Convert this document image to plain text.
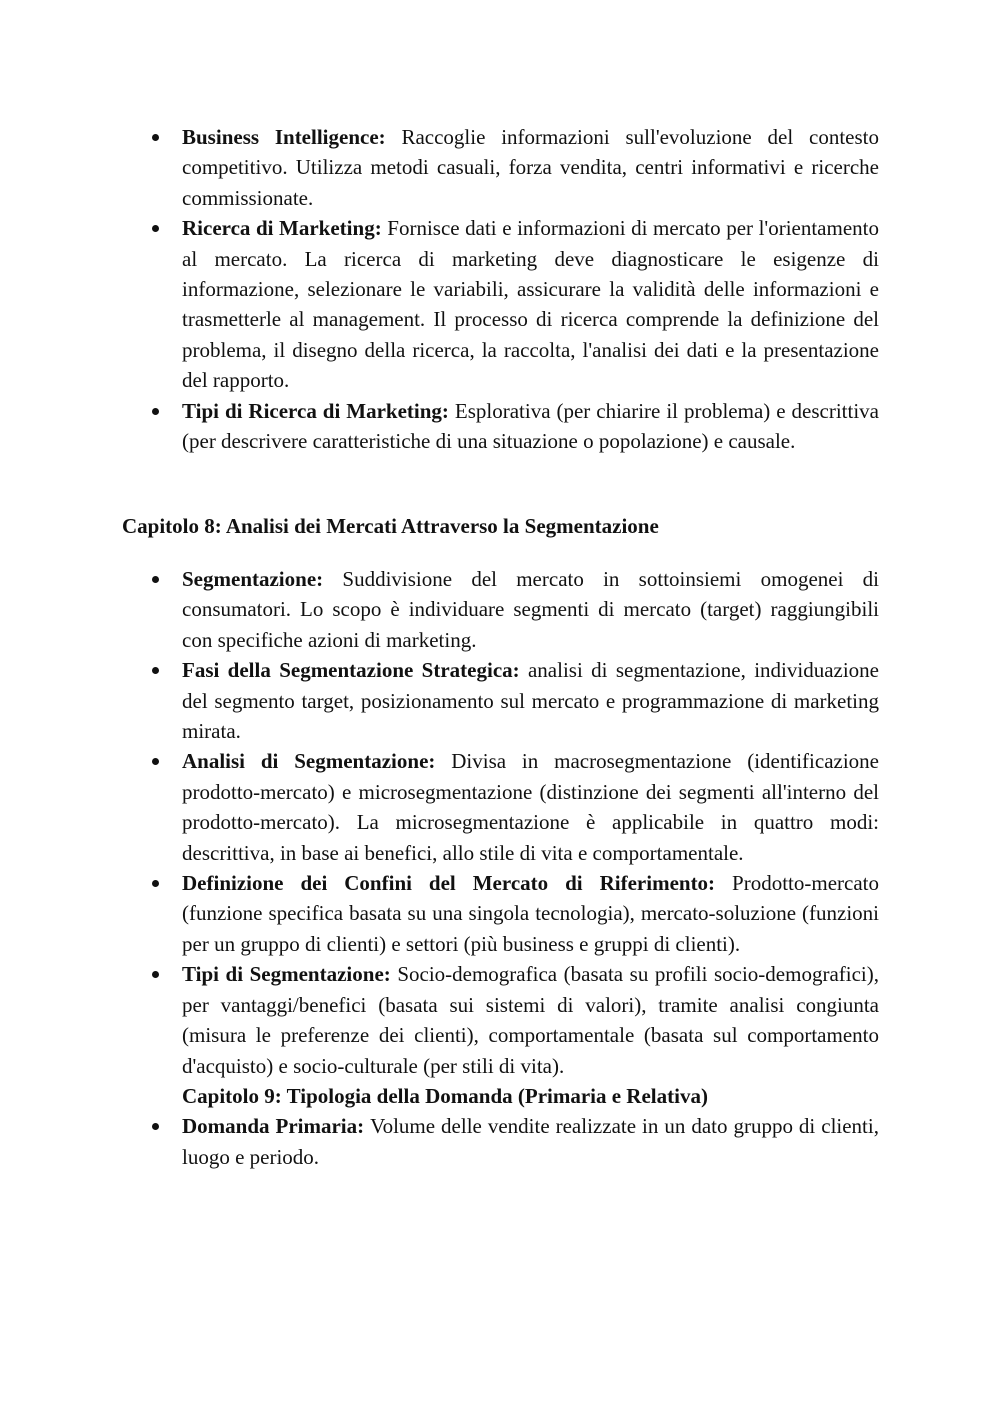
Business Intelligence: Raccoglie informazioni sull'evoluzione del contesto competitivo. Utilizza metodi casuali, forza vendita, centri informativi e ricerche commissionate.
Ricerca di Marketing: Fornisce dati e informazioni di mercato per l'orientamento al mercato. La ricerca di marketing deve diagnosticare le esigenze di informazione, selezionare le variabili, assicurare la validità delle informazioni e trasmetterle al management. Il processo di ricerca comprende la definizione del problema, il disegno della ricerca, la raccolta, l'analisi dei dati e la presentazione del rapporto.
Tipi di Ricerca di Marketing: Esplorativa (per chiarire il problema) e descrittiva (per descrivere caratteristiche di una situazione o popolazione) e causale.
Capitolo 8: Analisi dei Mercati Attraverso la Segmentazione
Segmentazione: Suddivisione del mercato in sottoinsiemi omogenei di consumatori. Lo scopo è individuare segmenti di mercato (target) raggiungibili con specifiche azioni di marketing.
Fasi della Segmentazione Strategica: analisi di segmentazione, individuazione del segmento target, posizionamento sul mercato e programmazione di marketing mirata.
Analisi di Segmentazione: Divisa in macrosegmentazione (identificazione prodotto-mercato) e microsegmentazione (distinzione dei segmenti all'interno del prodotto-mercato). La microsegmentazione è applicabile in quattro modi: descrittiva, in base ai benefici, allo stile di vita e comportamentale.
Definizione dei Confini del Mercato di Riferimento: Prodotto-mercato (funzione specifica basata su una singola tecnologia), mercato-soluzione (funzioni per un gruppo di clienti) e settori (più business e gruppi di clienti).
Tipi di Segmentazione: Socio-demografica (basata su profili socio-demografici), per vantaggi/benefici (basata sui sistemi di valori), tramite analisi congiunta (misura le preferenze dei clienti), comportamentale (basata sul comportamento d'acquisto) e socio-culturale (per stili di vita).
Capitolo 9: Tipologia della Domanda (Primaria e Relativa)
Domanda Primaria: Volume delle vendite realizzate in un dato gruppo di clienti, luogo e periodo.
